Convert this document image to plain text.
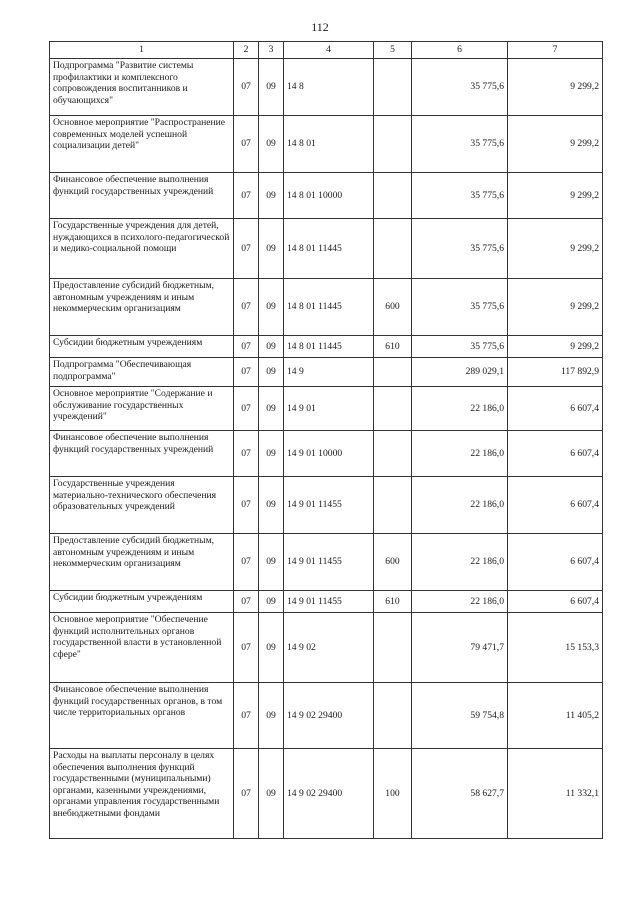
112
1	2	3	4	5	6	7
Подпрограмма "Развитие системы профилактики и комплексного сопровождения воспитанников и обучающихся"	07	09	14 8		35 775,6	9 299,2
Основное мероприятие "Распространение современных моделей успешной социализации детей"	07	09	14 8 01		35 775,6	9 299,2
Финансовое обеспечение выполнения функций государственных учреждений	07	09	14 8 01 10000		35 775,6	9 299,2
Государственные учреждения для детей, нуждающихся в психолого-педагогической и медико-социальной помощи	07	09	14 8 01 11445		35 775,6	9 299,2
Предоставление субсидий бюджетным, автономным учреждениям и иным некоммерческим организациям	07	09	14 8 01 11445	600	35 775,6	9 299,2
Субсидии бюджетным учреждениям	07	09	14 8 01 11445	610	35 775,6	9 299,2
Подпрограмма "Обеспечивающая подпрограмма"	07	09	14 9		289 029,1	117 892,9
Основное мероприятие "Содержание и обслуживание государственных учреждений"	07	09	14 9 01		22 186,0	6 607,4
Финансовое обеспечение выполнения функций государственных учреждений	07	09	14 9 01 10000		22 186,0	6 607,4
Государственные учреждения материально-технического обеспечения образовательных учреждений	07	09	14 9 01 11455		22 186,0	6 607,4
Предоставление субсидий бюджетным, автономным учреждениям и иным некоммерческим организациям	07	09	14 9 01 11455	600	22 186,0	6 607,4
Субсидии бюджетным учреждениям	07	09	14 9 01 11455	610	22 186,0	6 607,4
Основное мероприятие "Обеспечение функций исполнительных органов государственной власти в установленной сфере"	07	09	14 9 02		79 471,7	15 153,3
Финансовое обеспечение выполнения функций государственных органов, в том числе территориальных органов	07	09	14 9 02 29400		59 754,8	11 405,2
Расходы на выплаты персоналу в целях обеспечения выполнения функций государственными (муниципальными) органами, казенными учреждениями, органами управления государственными внебюджетными фондами	07	09	14 9 02 29400	100	58 627,7	11 332,1
